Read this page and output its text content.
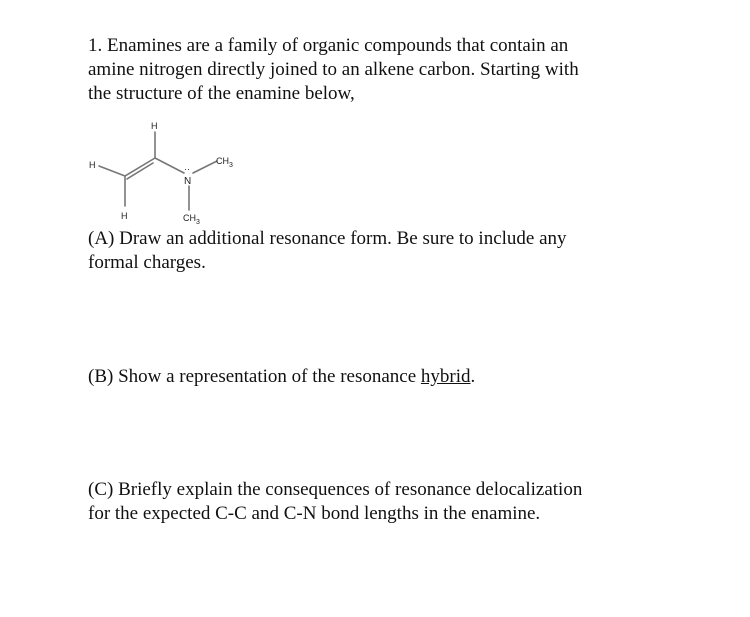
1. Enamines are a family of organic compounds that contain an
amine nitrogen directly joined to an alkene carbon. Starting with
the structure of the enamine below,
H
H
H
··
N
$CH_3$
$CH_3$
(A) Draw an additional resonance form. Be sure to include any
formal charges.
(B) Show a representation of the resonance hybrid.
(C) Briefly explain the consequences of resonance delocalization
for the expected C-C and C-N bond lengths in the enamine.
